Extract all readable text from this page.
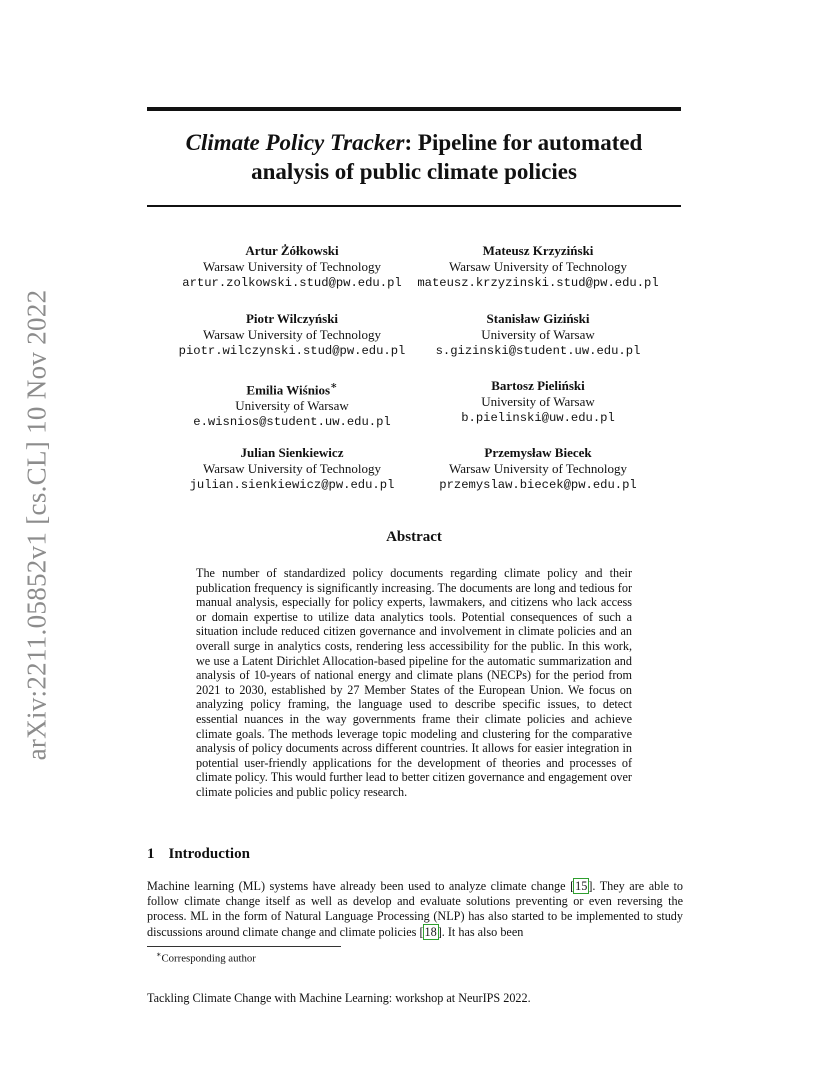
arXiv:2211.05852v1 [cs.CL] 10 Nov 2022
Climate Policy Tracker: Pipeline for automated
analysis of public climate policies
Artur Żółkowski
Warsaw University of Technology
artur.zolkowski.stud@pw.edu.pl
Mateusz Krzyziński
Warsaw University of Technology
mateusz.krzyzinski.stud@pw.edu.pl
Piotr Wilczyński
Warsaw University of Technology
piotr.wilczynski.stud@pw.edu.pl
Stanisław Giziński
University of Warsaw
s.gizinski@student.uw.edu.pl
Emilia Wiśnios∗
University of Warsaw
e.wisnios@student.uw.edu.pl
Bartosz Pieliński
University of Warsaw
b.pielinski@uw.edu.pl
Julian Sienkiewicz
Warsaw University of Technology
julian.sienkiewicz@pw.edu.pl
Przemysław Biecek
Warsaw University of Technology
przemyslaw.biecek@pw.edu.pl
Abstract
The number of standardized policy documents regarding climate policy and their publication frequency is significantly increasing. The documents are long and tedious for manual analysis, especially for policy experts, lawmakers, and citizens who lack access or domain expertise to utilize data analytics tools. Potential consequences of such a situation include reduced citizen governance and involvement in climate policies and an overall surge in analytics costs, rendering less accessibility for the public. In this work, we use a Latent Dirichlet Allocation-based pipeline for the automatic summarization and analysis of 10-years of national energy and climate plans (NECPs) for the period from 2021 to 2030, established by 27 Member States of the European Union. We focus on analyzing policy framing, the language used to describe specific issues, to detect essential nuances in the way governments frame their climate policies and achieve climate goals. The methods leverage topic modeling and clustering for the comparative analysis of policy documents across different countries. It allows for easier integration in potential user-friendly applications for the development of theories and processes of climate policy. This would further lead to better citizen governance and engagement over climate policies and public policy research.
1 Introduction
Machine learning (ML) systems have already been used to analyze climate change [15]. They are able to follow climate change itself as well as develop and evaluate solutions preventing or even reversing the process. ML in the form of Natural Language Processing (NLP) has also started to be implemented to study discussions around climate change and climate policies [18]. It has also been
∗Corresponding author
Tackling Climate Change with Machine Learning: workshop at NeurIPS 2022.
